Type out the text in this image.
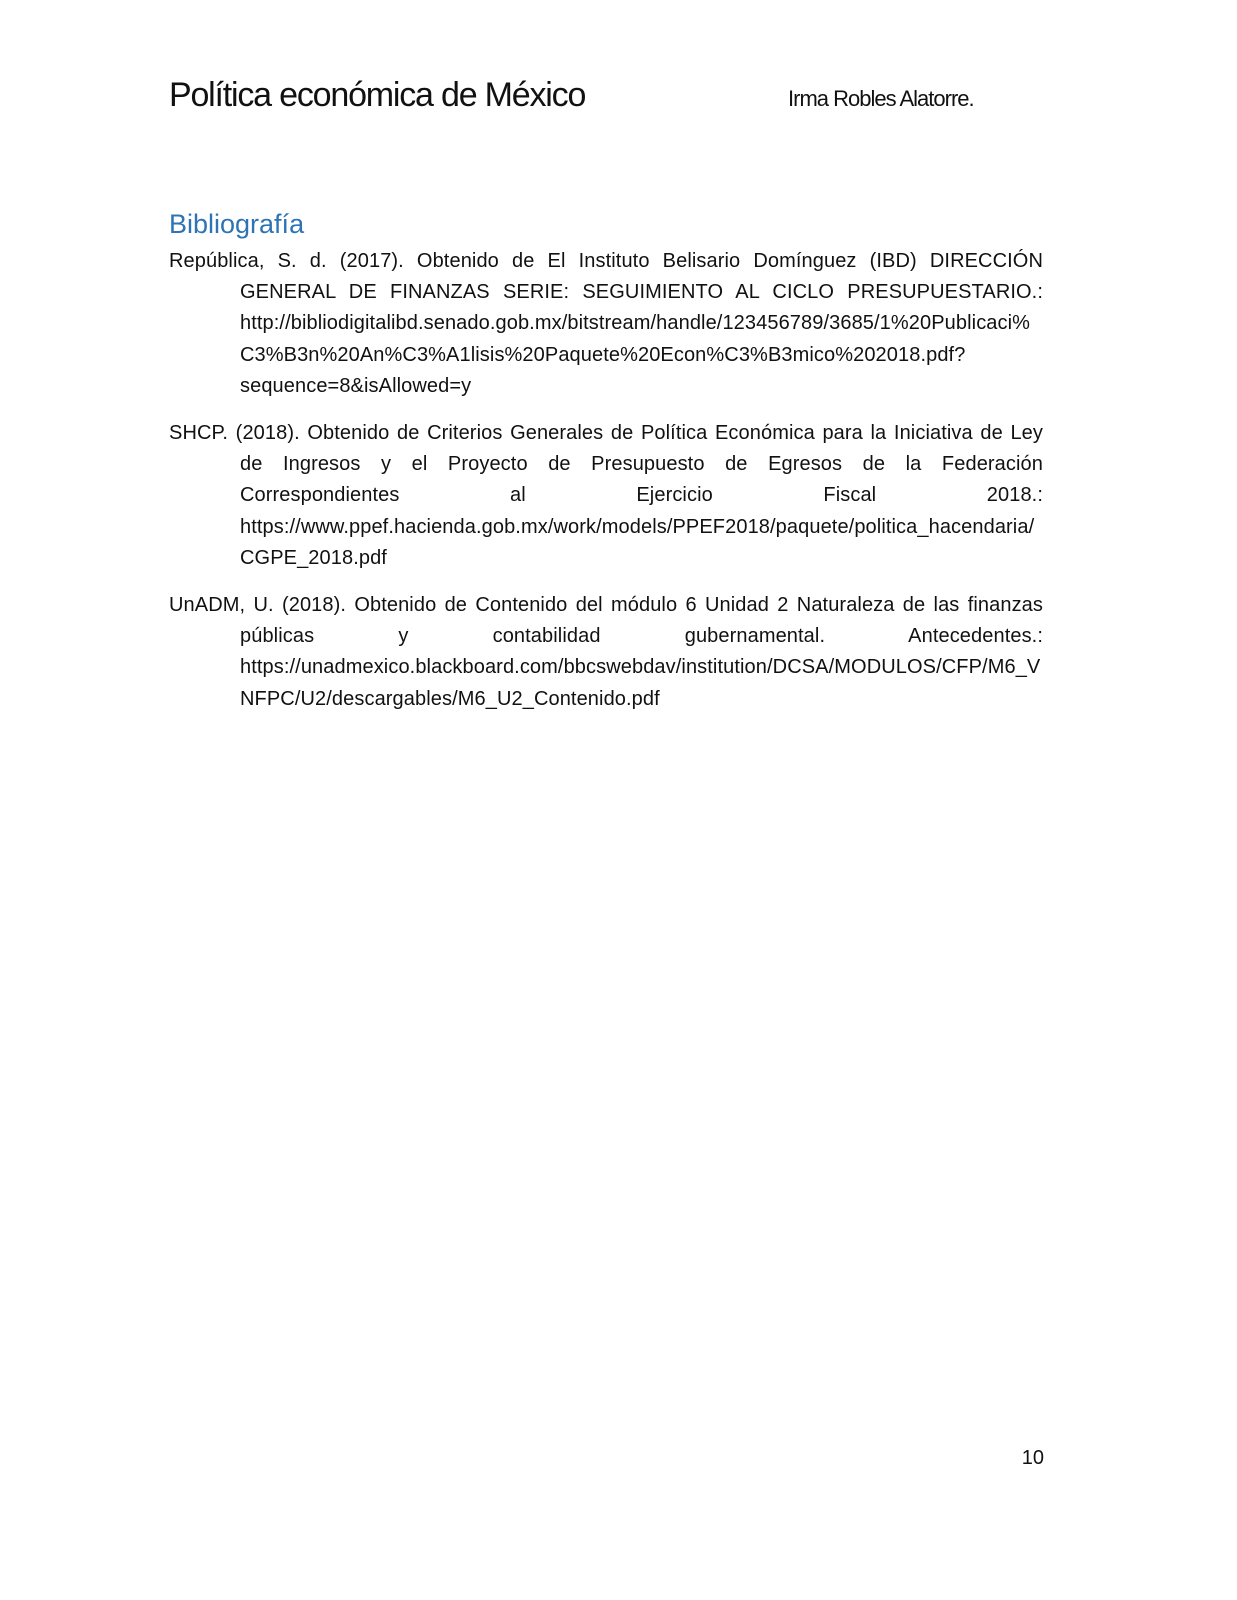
Política económica de México	Irma Robles Alatorre.
Bibliografía
República, S. d. (2017). Obtenido de El Instituto Belisario Domínguez (IBD) DIRECCIÓN GENERAL DE FINANZAS SERIE: SEGUIMIENTO AL CICLO PRESUPUESTARIO.: http://bibliodigitalibd.senado.gob.mx/bitstream/handle/123456789/3685/1%20Publicaci%C3%B3n%20An%C3%A1lisis%20Paquete%20Econ%C3%B3mico%202018.pdf?sequence=8&isAllowed=y
SHCP. (2018). Obtenido de Criterios Generales de Política Económica para la Iniciativa de Ley de Ingresos y el Proyecto de Presupuesto de Egresos de la Federación Correspondientes al Ejercicio Fiscal 2018.: https://www.ppef.hacienda.gob.mx/work/models/PPEF2018/paquete/politica_hacendaria/CGPE_2018.pdf
UnADM, U. (2018). Obtenido de Contenido del módulo 6 Unidad 2 Naturaleza de las finanzas públicas y contabilidad gubernamental. Antecedentes.: https://unadmexico.blackboard.com/bbcswebdav/institution/DCSA/MODULOS/CFP/M6_VNFPC/U2/descargables/M6_U2_Contenido.pdf
10
